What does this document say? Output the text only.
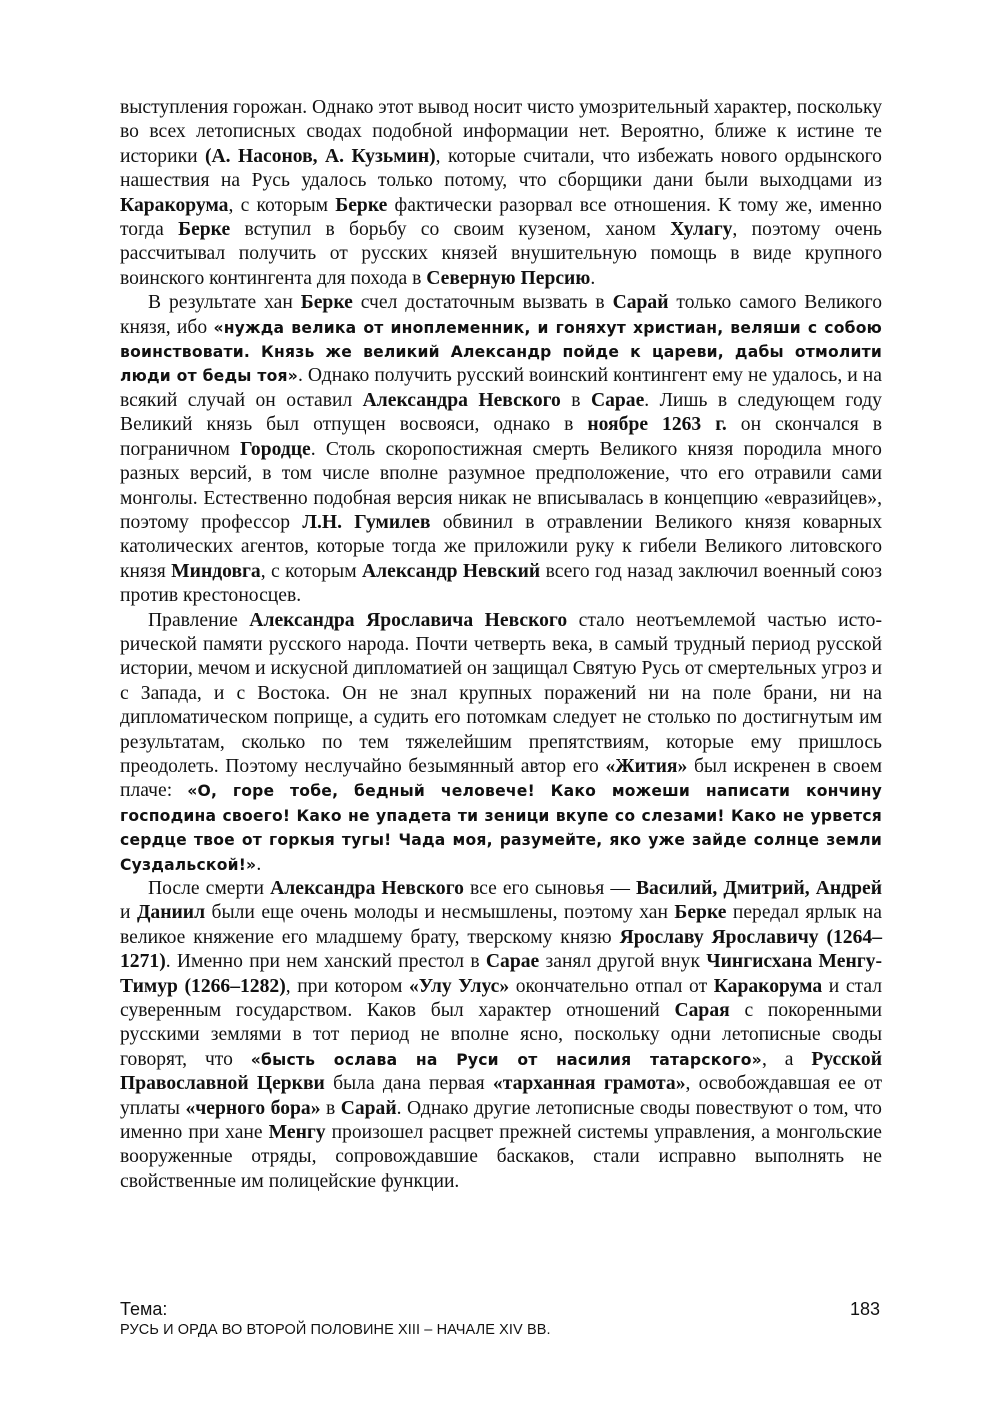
выступления горожан. Однако этот вывод носит чисто умозрительный характер, поскольку во всех летописных сводах подобной информации нет. Вероятно, ближе к истине те историки (А. Насонов, А. Кузьмин), которые считали, что избежать нового ордынского нашествия на Русь удалось только потому, что сборщики дани были выходцами из Каракорума, с которым Берке фактически разорвал все отношения. К тому же, именно тогда Берке вступил в борьбу со своим кузеном, ханом Хулагу, поэтому очень рассчитывал получить от русских князей внушительную помощь в виде крупного воинского контингента для похода в Северную Персию.

В результате хан Берке счел достаточным вызвать в Сарай только самого Великого князя, ибо «нужда велика от иноплеменник, и гоняхут христиан, веляши с собою воинствовати. Князь же великий Александр пойде к цареви, дабы отмолити люди от беды тоя». Однако получить русский воинский контингент ему не удалось, и на всякий случай он оставил Александра Невского в Сарае. Лишь в следующем году Великий князь был отпущен восвояси, однако в ноябре 1263 г. он скончался в пограничном Городце. Столь скоропостижная смерть Великого князя породила много разных версий, в том числе вполне разумное предположение, что его отравили сами монголы. Естественно подобная версия никак не вписывалась в концепцию «евразийцев», поэтому профессор Л.Н. Гумилев обвинил в отравлении Великого князя коварных католических агентов, которые тогда же приложили руку к гибели Великого литовского князя Миндовга, с которым Александр Невский всего год назад заключил военный союз против крестоносцев.

Правление Александра Ярославича Невского стало неотъемлемой частью исторической памяти русского народа. Почти четверть века, в самый трудный период русской истории, мечом и искусной дипломатией он защищал Святую Русь от смертельных угроз и с Запада, и с Востока. Он не знал крупных поражений ни на поле брани, ни на дипломатическом поприще, а судить его потомкам следует не столько по достигнутым им результатам, сколько по тем тяжелейшим препятствиям, которые ему пришлось преодолеть. Поэтому неслучайно безымянный автор его «Жития» был искренен в своем плаче: «О, горе тобе, бедный человече! Како можеши написати кончину господина своего! Како не упадета ти зеници вкупе со слезами! Како не урвется сердце твое от горкыя тугы! Чада моя, разумейте, яко уже зайде солнце земли Суздальской!».

После смерти Александра Невского все его сыновья — Василий, Дмитрий, Андрей и Даниил были еще очень молоды и несмышлены, поэтому хан Берке передал ярлык на великое княжение его младшему брату, тверскому князю Ярославу Ярославичу (1264–1271). Именно при нем ханский престол в Сарае занял другой внук Чингисхана Менгу-Тимур (1266–1282), при котором «Улу Улус» окончательно отпал от Каракорума и стал суверенным государством. Каков был характер отношений Сарая с покоренными русскими землями в тот период не вполне ясно, поскольку одни летописные своды говорят, что «бысть ослава на Руси от насилия татарского», а Русской Православной Церкви была дана первая «тарханная грамота», освобождавшая ее от уплаты «черного бора» в Сарай. Однако другие летописные своды повествуют о том, что именно при хане Менгу произошел расцвет прежней системы управления, а монгольские вооруженные отряды, сопровождавшие баскаков, стали исправно выполнять не свойственные им полицейские функции.

Тема:
РУСЬ И ОРДА ВО ВТОРОЙ ПОЛОВИНЕ XIII – НАЧАЛЕ XIV ВВ.
183
